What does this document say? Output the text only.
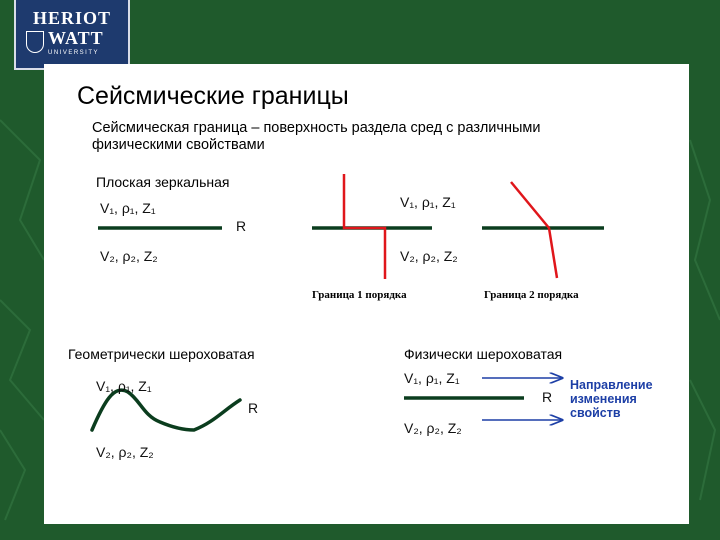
HERIOT
WATT
UNIVERSITY
Сейсмические границы
Сейсмическая граница – поверхность раздела сред с различными физическими свойствами
Плоская зеркальная
V₁, ρ₁, Z₁
R
V₂, ρ₂, Z₂
V₁, ρ₁, Z₁
V₂, ρ₂, Z₂
Граница 1 порядка	Граница 2 порядка
Геометрически шероховатая
V₁, ρ₁, Z₁
R
V₂, ρ₂, Z₂
Физически шероховатая
V₁, ρ₁, Z₁
R
V₂, ρ₂, Z₂
Направление изменения свойств
